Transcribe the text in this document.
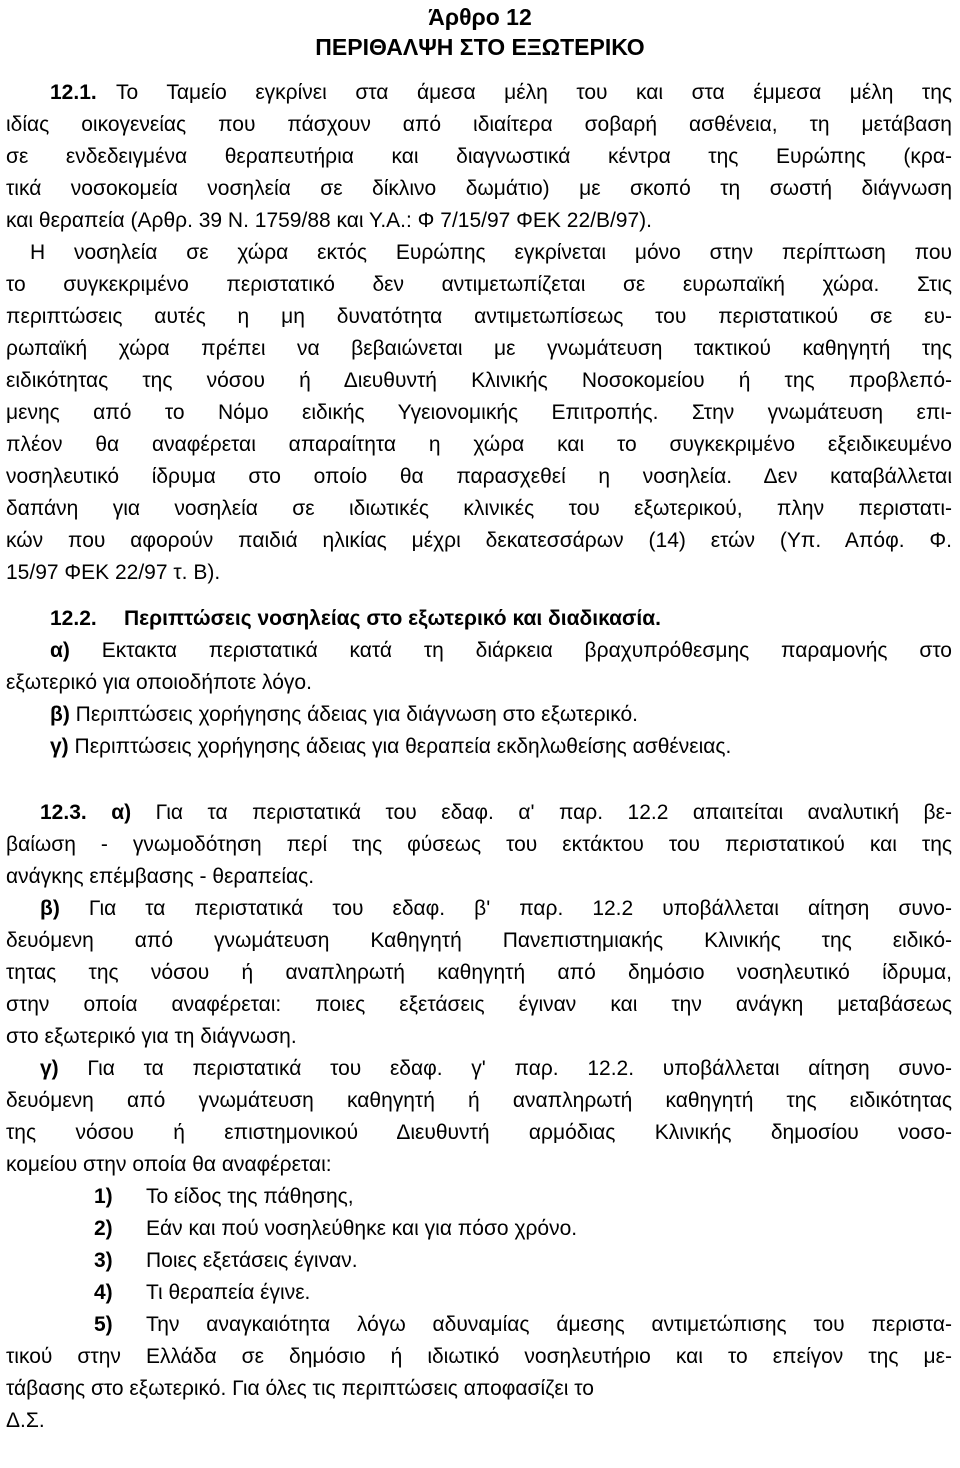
Άρθρο 12
ΠΕΡΙΘΑΛΨΗ ΣΤΟ ΕΞΩΤΕΡΙΚΟ
12.1. Το Ταμείο εγκρίνει στα άμεσα μέλη του και στα έμμεσα μέλη της
ιδίας οικογενείας που πάσχουν από ιδιαίτερα σοβαρή ασθένεια, τη μετάβαση
σε ενδεδειγμένα θεραπευτήρια και διαγνωστικά κέντρα της Ευρώπης (κρα-
τικά νοσοκομεία νοσηλεία σε δίκλινο δωμάτιο) με σκοπό τη σωστή διάγνωση
και θεραπεία (Αρθρ. 39 Ν. 1759/88 και Υ.Α.: Φ 7/15/97 ΦΕΚ 22/Β/97).
Η νοσηλεία σε χώρα εκτός Ευρώπης εγκρίνεται μόνο στην περίπτωση που
το συγκεκριμένο περιστατικό δεν αντιμετωπίζεται σε ευρωπαϊκή χώρα. Στις
περιπτώσεις αυτές η μη δυνατότητα αντιμετωπίσεως του περιστατικού σε ευ-
ρωπαϊκή χώρα πρέπει να βεβαιώνεται με γνωμάτευση τακτικού καθηγητή της
ειδικότητας της νόσου ή Διευθυντή Κλινικής Νοσοκομείου ή της προβλεπό-
μενης από το Νόμο ειδικής Υγειονομικής Επιτροπής. Στην γνωμάτευση επι-
πλέον θα αναφέρεται απαραίτητα η χώρα και το συγκεκριμένο εξειδικευμένο
νοσηλευτικό ίδρυμα στο οποίο θα παρασχεθεί η νοσηλεία. Δεν καταβάλλεται
δαπάνη για νοσηλεία σε ιδιωτικές κλινικές του εξωτερικού, πλην περιστατι-
κών που αφορούν παιδιά ηλικίας μέχρι δεκατεσσάρων (14) ετών (Υπ. Απόφ. Φ.
15/97 ΦΕΚ 22/97 τ. Β).
12.2. Περιπτώσεις νοσηλείας στο εξωτερικό και διαδικασία.
α) Εκτακτα περιστατικά κατά τη διάρκεια βραχυπρόθεσμης παραμονής στο
εξωτερικό για οποιοδήποτε λόγο.
β) Περιπτώσεις χορήγησης άδειας για διάγνωση στο εξωτερικό.
γ) Περιπτώσεις χορήγησης άδειας για θεραπεία εκδηλωθείσης ασθένειας.
12.3. α) Για τα περιστατικά του εδαφ. α' παρ. 12.2 απαιτείται αναλυτική βε-
βαίωση - γνωμοδότηση περί της φύσεως του εκτάκτου του περιστατικού και της
ανάγκης επέμβασης - θεραπείας.
β) Για τα περιστατικά του εδαφ. β' παρ. 12.2 υποβάλλεται αίτηση συνο-
δευόμενη από γνωμάτευση Καθηγητή Πανεπιστημιακής Κλινικής της ειδικό-
τητας της νόσου ή αναπληρωτή καθηγητή από δημόσιο νοσηλευτικό ίδρυμα,
στην οποία αναφέρεται: ποιες εξετάσεις έγιναν και την ανάγκη μεταβάσεως
στο εξωτερικό για τη διάγνωση.
γ) Για τα περιστατικά του εδαφ. γ' παρ. 12.2. υποβάλλεται αίτηση συνο-
δευόμενη από γνωμάτευση καθηγητή ή αναπληρωτή καθηγητή της ειδικότητας
της νόσου ή επιστημονικού Διευθυντή αρμόδιας Κλινικής δημοσίου νοσο-
κομείου στην οποία θα αναφέρεται:
1) Το είδος της πάθησης,
2) Εάν και πού νοσηλεύθηκε και για πόσο χρόνο.
3) Ποιες εξετάσεις έγιναν.
4) Τι θεραπεία έγινε.
5) Την αναγκαιότητα λόγω αδυναμίας άμεσης αντιμετώπισης του περιστα-
τικού στην Ελλάδα σε δημόσιο ή ιδιωτικό νοσηλευτήριο και το επείγον της με-
τάβασης στο εξωτερικό. Για όλες τις περιπτώσεις αποφασίζει το
Δ.Σ.
